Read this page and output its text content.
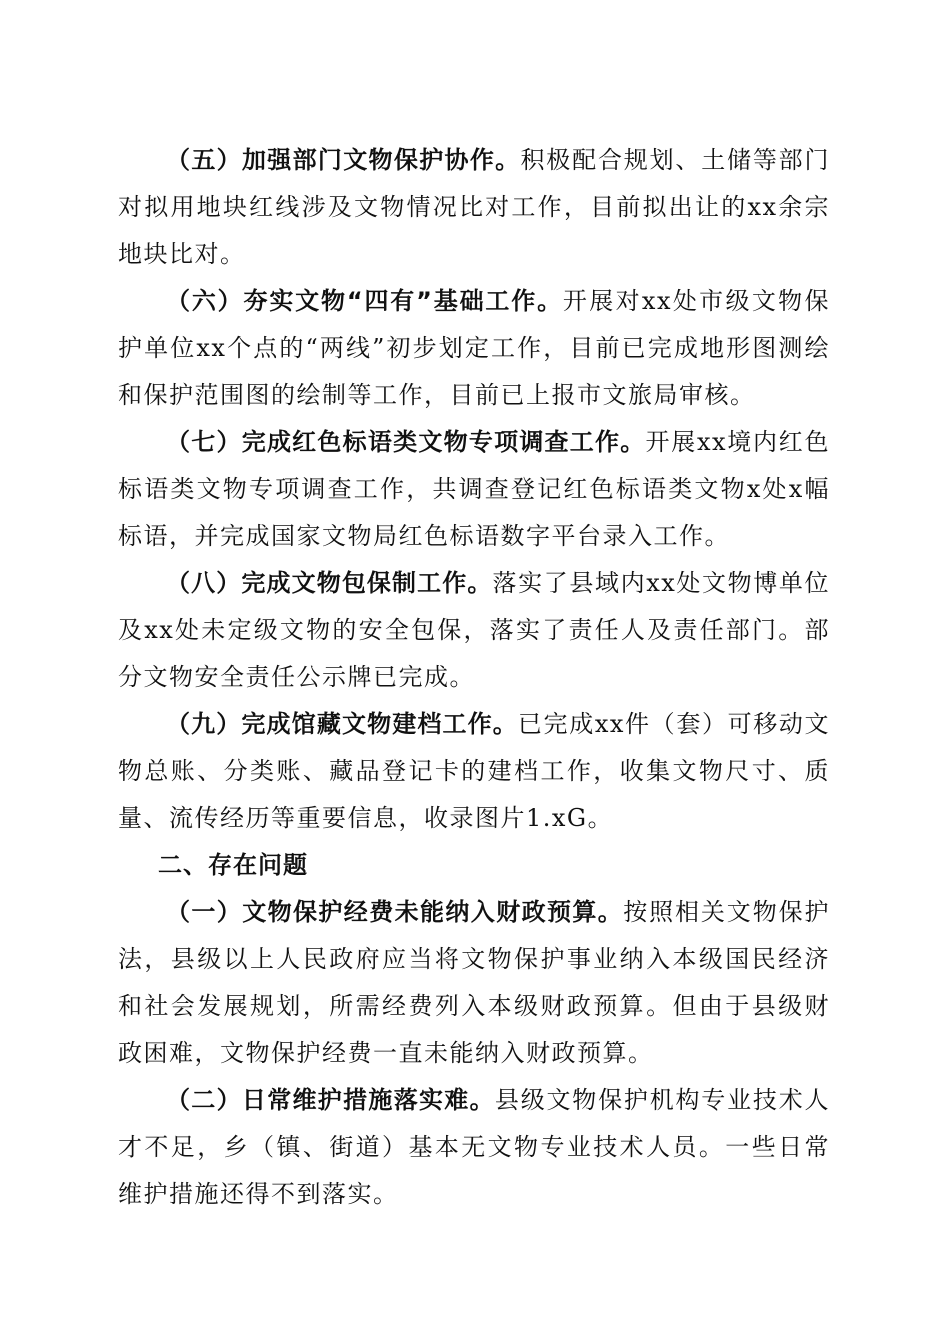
（五）加强部门文物保护协作。积极配合规划、土储等部门对拟用地块红线涉及文物情况比对工作，目前拟出让的xx余宗地块比对。

（六）夯实文物“四有”基础工作。开展对xx处市级文物保护单位xx个点的“两线”初步划定工作，目前已完成地形图测绘和保护范围图的绘制等工作，目前已上报市文旅局审核。

（七）完成红色标语类文物专项调查工作。开展xx境内红色标语类文物专项调查工作，共调查登记红色标语类文物x处x幅标语，并完成国家文物局红色标语数字平台录入工作。

（八）完成文物包保制工作。落实了县域内xx处文物博单位及xx处未定级文物的安全包保，落实了责任人及责任部门。部分文物安全责任公示牌已完成。

（九）完成馆藏文物建档工作。已完成xx件（套）可移动文物总账、分类账、藏品登记卡的建档工作，收集文物尺寸、质量、流传经历等重要信息，收录图片1.xG。

二、存在问题

（一）文物保护经费未能纳入财政预算。按照相关文物保护法，县级以上人民政府应当将文物保护事业纳入本级国民经济和社会发展规划，所需经费列入本级财政预算。但由于县级财政困难，文物保护经费一直未能纳入财政预算。

（二）日常维护措施落实难。县级文物保护机构专业技术人才不足，乡（镇、街道）基本无文物专业技术人员。一些日常维护措施还得不到落实。
